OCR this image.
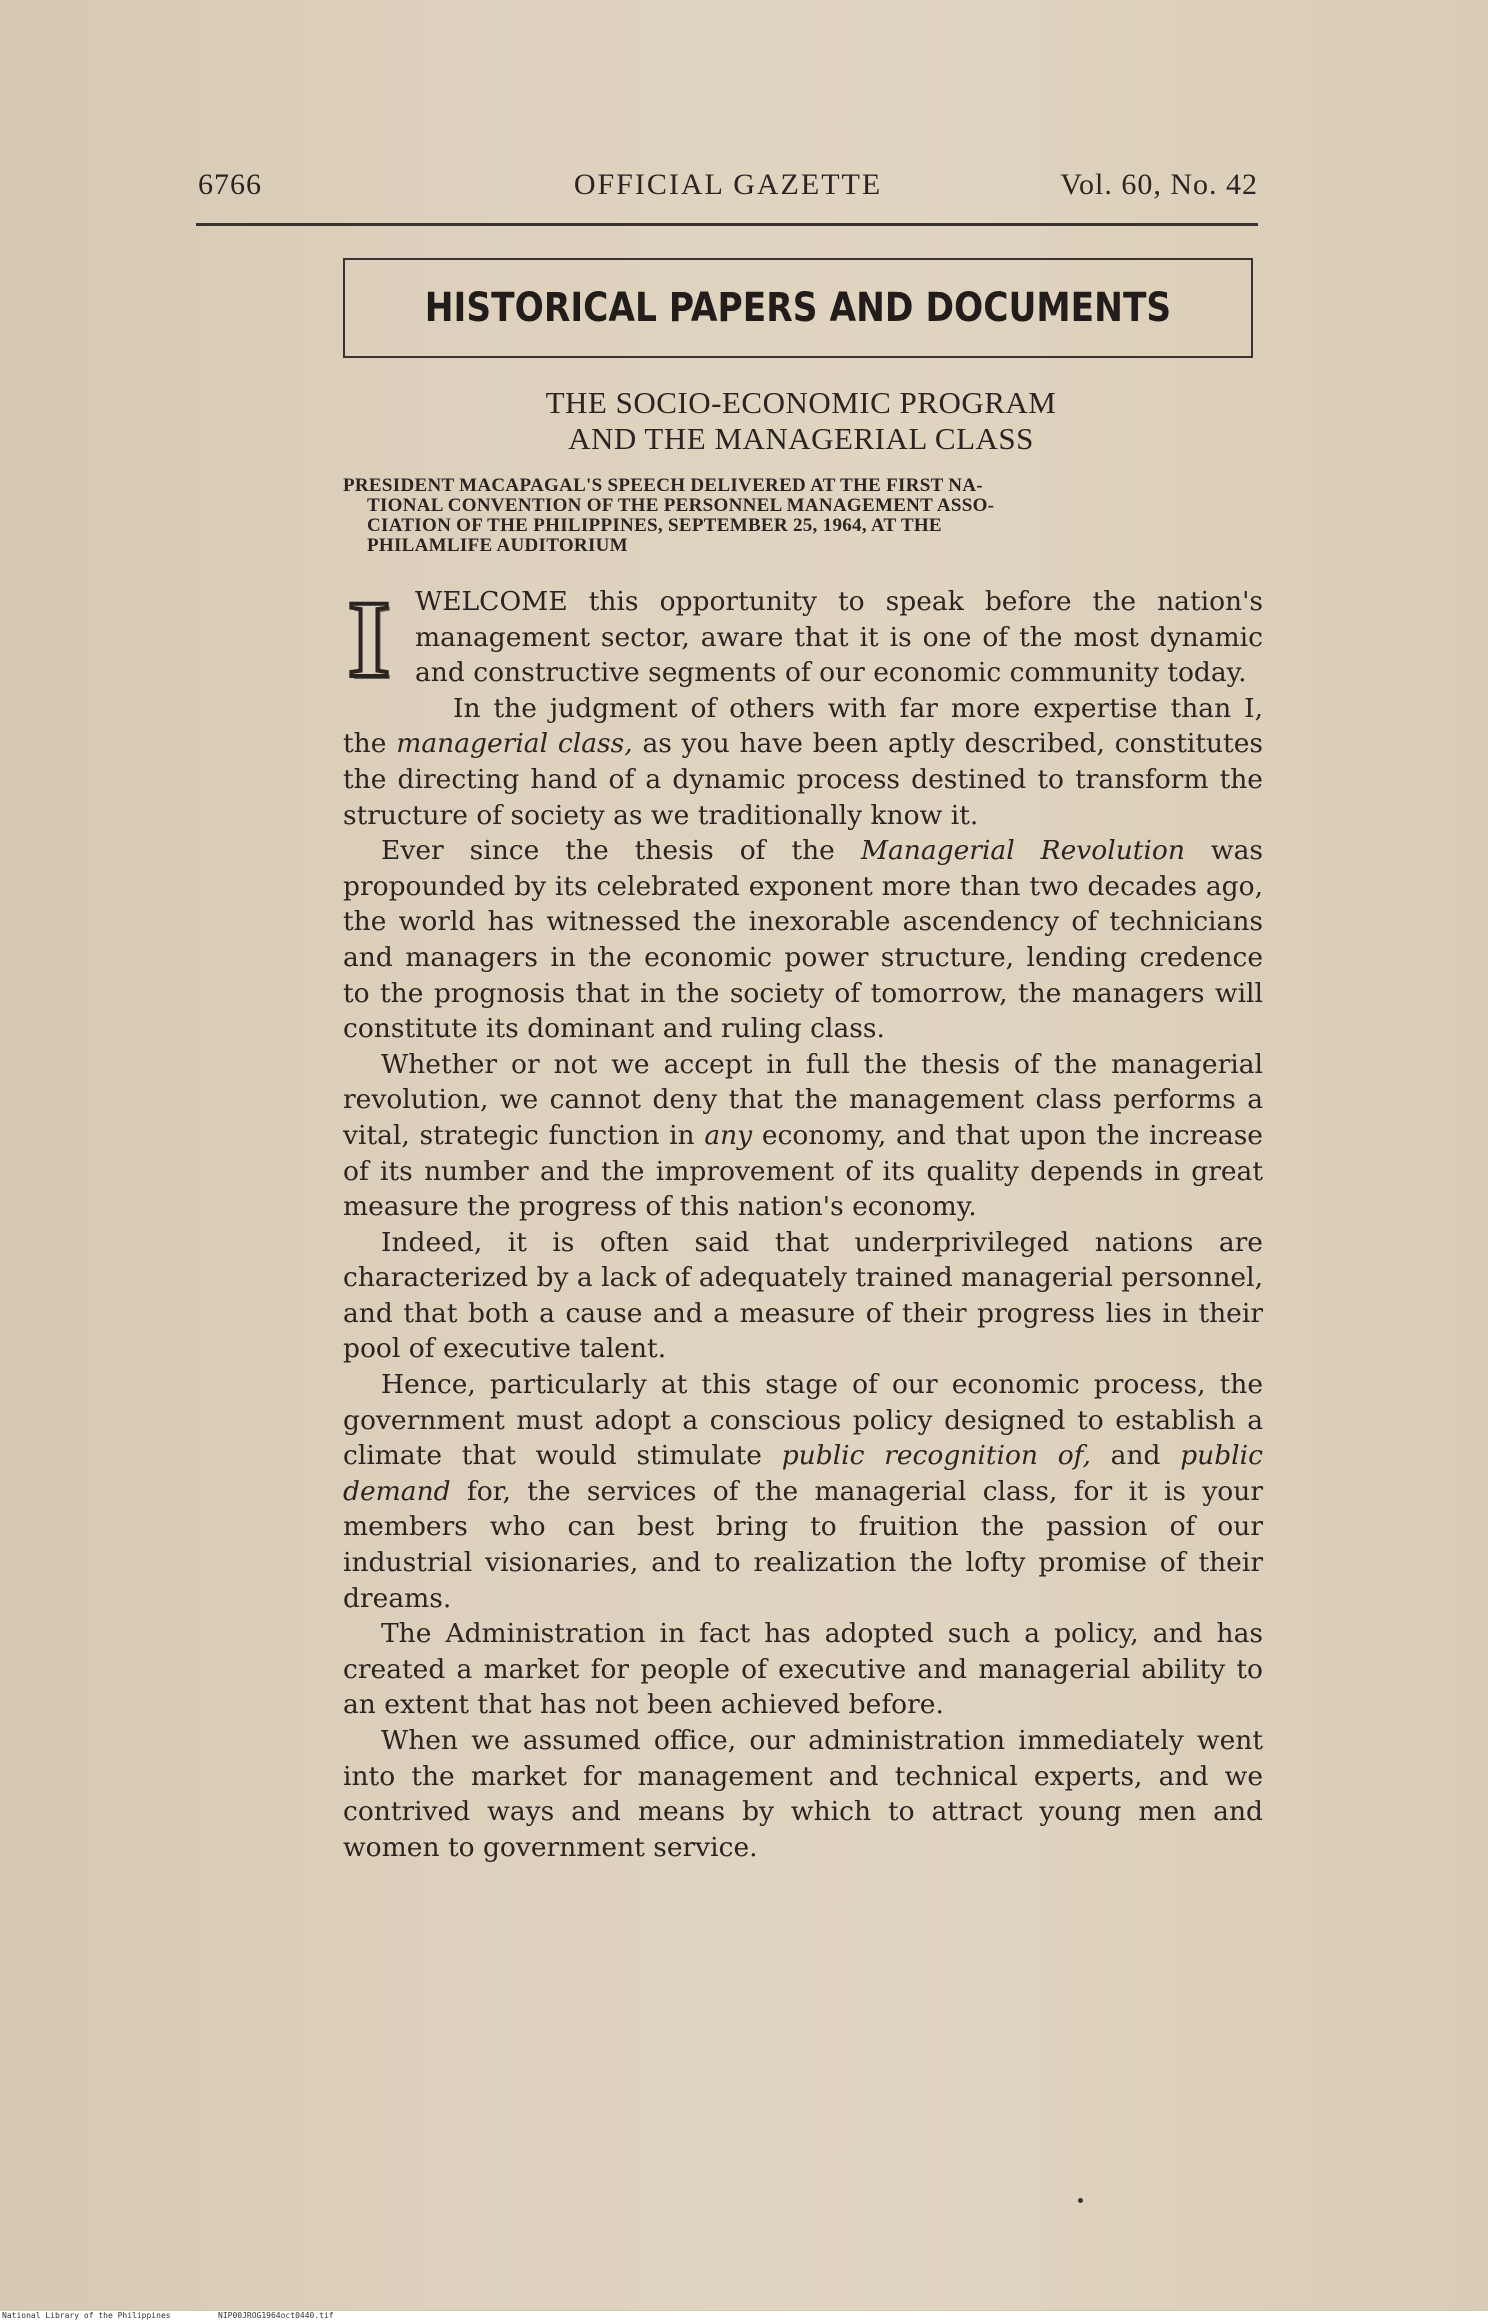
6766	OFFICIAL GAZETTE	Vol. 60, No. 42
HISTORICAL PAPERS AND DOCUMENTS
THE SOCIO-ECONOMIC PROGRAM
AND THE MANAGERIAL CLASS
PRESIDENT MACAPAGAL'S SPEECH DELIVERED AT THE FIRST NA-
TIONAL CONVENTION OF THE PERSONNEL MANAGEMENT ASSO-
CIATION OF THE PHILIPPINES, SEPTEMBER 25, 1964, AT THE
PHILAMLIFE AUDITORIUM

IWELCOME this opportunity to speak before the nation's management sector, aware that it is one of the most dynamic and constructive segments of our economic community today.

In the judgment of others with far more expertise than I, the managerial class, as you have been aptly described, constitutes the directing hand of a dynamic process destined to transform the structure of society as we traditionally know it.

Ever since the thesis of the Managerial Revolution was propounded by its celebrated exponent more than two decades ago, the world has witnessed the inexorable ascendency of technicians and managers in the economic power structure, lending credence to the prognosis that in the society of tomorrow, the managers will constitute its dominant and ruling class.

Whether or not we accept in full the thesis of the managerial revolution, we cannot deny that the management class performs a vital, strategic function in any economy, and that upon the increase of its number and the improvement of its quality depends in great measure the progress of this nation's economy.

Indeed, it is often said that underprivileged nations are characterized by a lack of adequately trained managerial personnel, and that both a cause and a measure of their progress lies in their pool of executive talent.

Hence, particularly at this stage of our economic process, the government must adopt a conscious policy designed to establish a climate that would stimulate public recognition of, and public demand for, the services of the managerial class, for it is your members who can best bring to fruition the passion of our industrial visionaries, and to realization the lofty promise of their dreams.

The Administration in fact has adopted such a policy, and has created a market for people of executive and managerial ability to an extent that has not been achieved before.

When we assumed office, our administration immediately went into the market for management and technical experts, and we contrived ways and means by which to attract young men and women to government service.

National Library of the Philippines	NIP00JROG1964oct0440.tif
